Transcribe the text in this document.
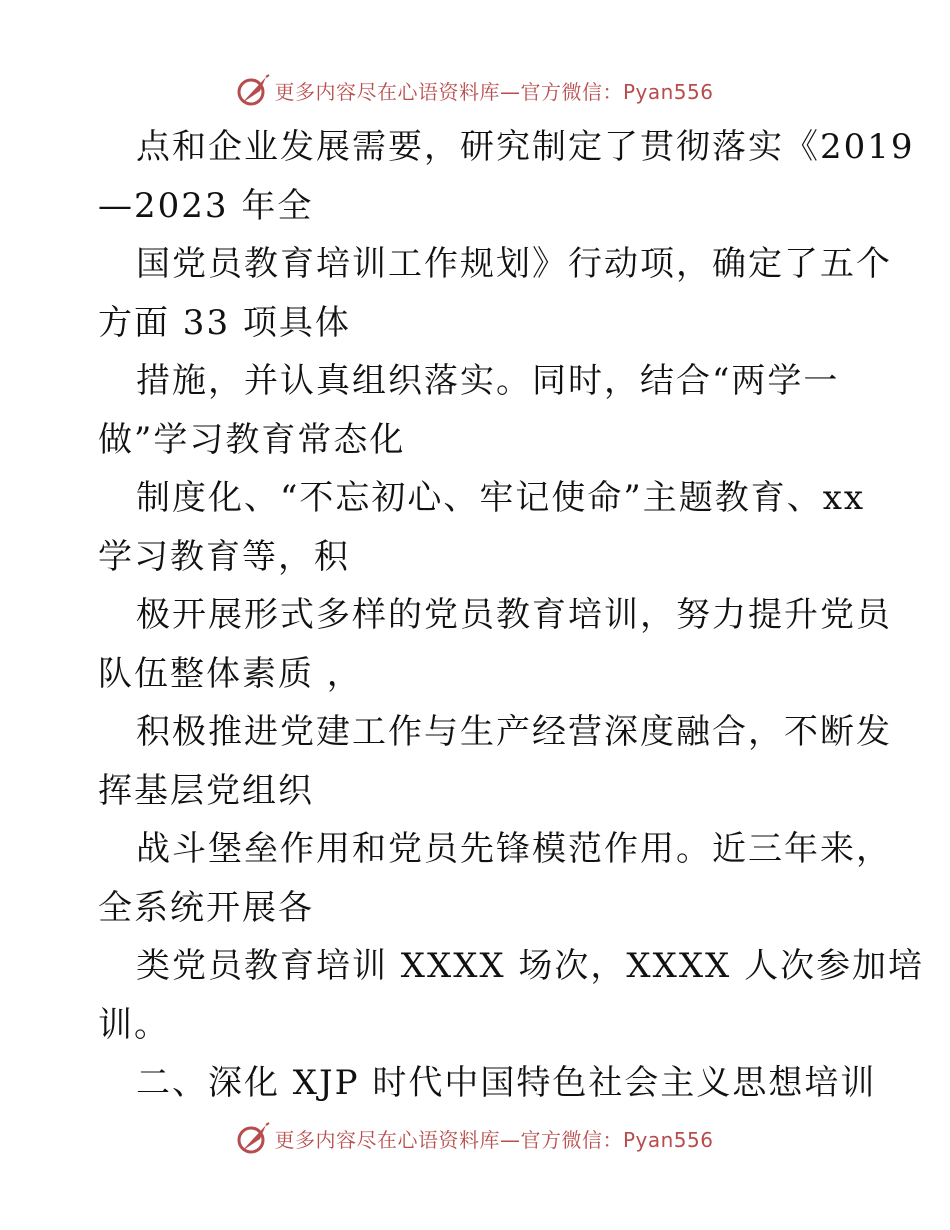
更多内容尽在心语资料库—官方微信：Pyan556
点和企业发展需要，研究制定了贯彻落实《2019
—2023 年全
国党员教育培训工作规划》行动项，确定了五个
方面 33 项具体
措施，并认真组织落实。同时，结合“两学一
做”学习教育常态化
制度化、“不忘初心、牢记使命”主题教育、xx
学习教育等，积
极开展形式多样的党员教育培训，努力提升党员
队伍整体素质 ，
积极推进党建工作与生产经营深度融合，不断发
挥基层党组织
战斗堡垒作用和党员先锋模范作用。近三年来，
全系统开展各
类党员教育培训 XXXX 场次，XXXX 人次参加培
训。
二、深化 XJP 时代中国特色社会主义思想培训
更多内容尽在心语资料库—官方微信：Pyan556
